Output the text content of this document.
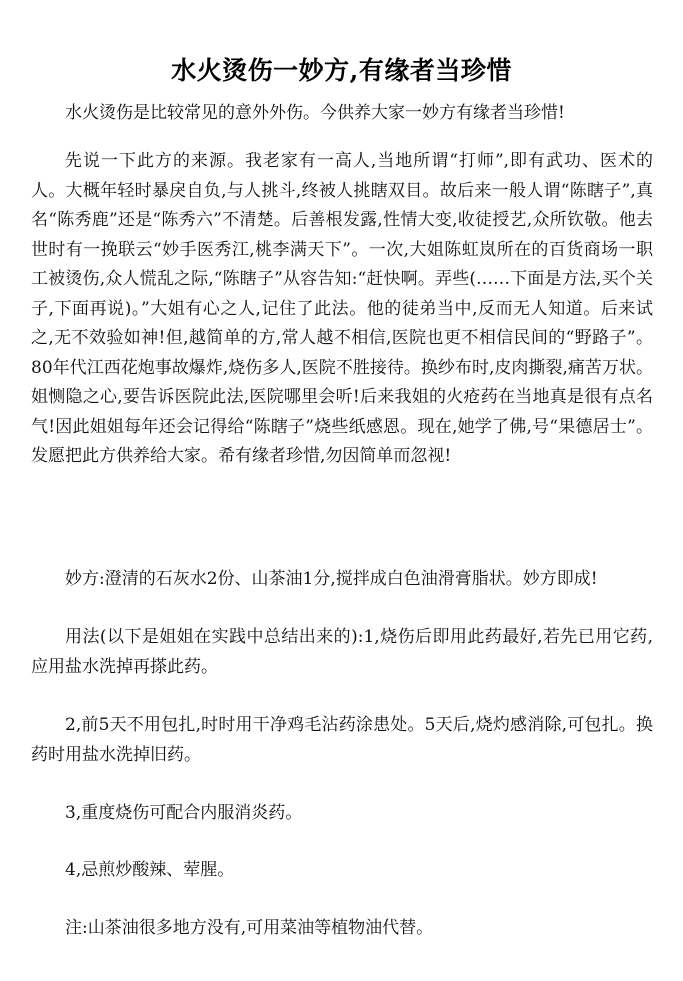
水火烫伤一妙方,有缘者当珍惜

水火烫伤是比较常见的意外外伤。今供养大家一妙方有缘者当珍惜!

先说一下此方的来源。我老家有一高人,当地所谓“打师”,即有武功、医术的人。大概年轻时暴戾自负,与人挑斗,终被人挑瞎双目。故后来一般人谓“陈瞎子”,真名“陈秀鹿”还是“陈秀六”不清楚。后善根发露,性情大变,收徒授艺,众所钦敬。他去世时有一挽联云“妙手医秀江,桃李满天下”。一次,大姐陈虹岚所在的百货商场一职工被烫伤,众人慌乱之际,“陈瞎子”从容告知:“赶快啊。弄些(……下面是方法,买个关子,下面再说)。”大姐有心之人,记住了此法。他的徒弟当中,反而无人知道。后来试之,无不效验如神!但,越简单的方,常人越不相信,医院也更不相信民间的“野路子”。80年代江西花炮事故爆炸,烧伤多人,医院不胜接待。换纱布时,皮肉撕裂,痛苦万状。姐恻隐之心,要告诉医院此法,医院哪里会听!后来我姐的火疮药在当地真是很有点名气!因此姐姐每年还会记得给“陈瞎子”烧些纸感恩。现在,她学了佛,号“果德居士”。发愿把此方供养给大家。希有缘者珍惜,勿因简单而忽视!

妙方:澄清的石灰水2份、山茶油1分,搅拌成白色油滑膏脂状。妙方即成!

用法(以下是姐姐在实践中总结出来的):1,烧伤后即用此药最好,若先已用它药,应用盐水洗掉再搽此药。

2,前5天不用包扎,时时用干净鸡毛沾药涂患处。5天后,烧灼感消除,可包扎。换药时用盐水洗掉旧药。

3,重度烧伤可配合内服消炎药。

4,忌煎炒酸辣、荤腥。

注:山茶油很多地方没有,可用菜油等植物油代替。
